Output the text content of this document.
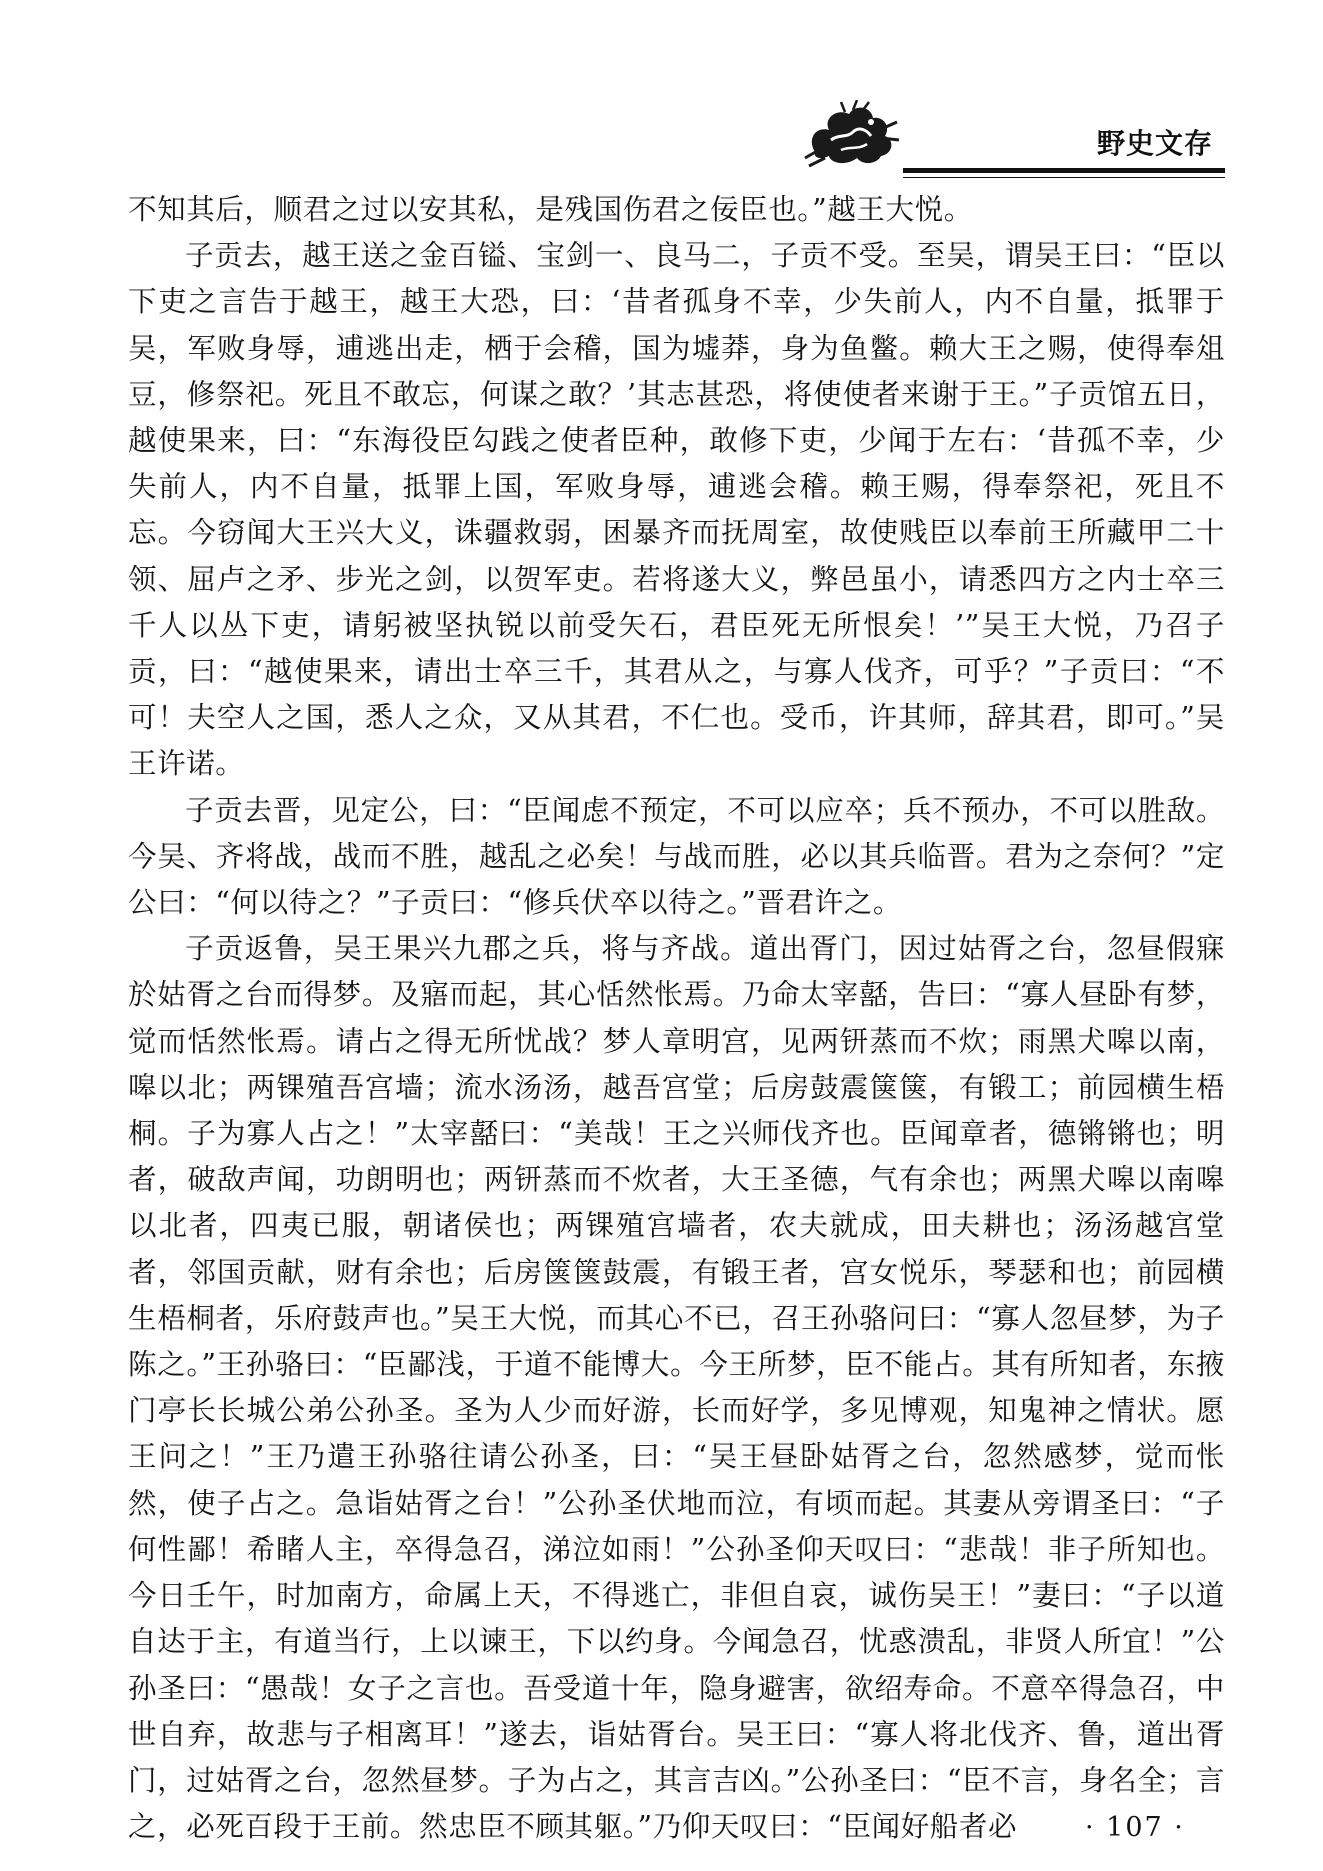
野史文存

不知其后，顺君之过以安其私，是残国伤君之佞臣也。”越王大悦。

子贡去，越王送之金百镒、宝剑一、良马二，子贡不受。至吴，谓吴王曰：“臣以下吏之言告于越王，越王大恐，曰：‘昔者孤身不幸，少失前人，内不自量，抵罪于吴，军败身辱，逋逃出走，栖于会稽，国为墟莽，身为鱼鳖。赖大王之赐，使得奉俎豆，修祭祀。死且不敢忘，何谋之敢？’其志甚恐，将使使者来谢于王。”子贡馆五日，越使果来，曰：“东海役臣勾践之使者臣种，敢修下吏，少闻于左右：‘昔孤不幸，少失前人，内不自量，抵罪上国，军败身辱，逋逃会稽。赖王赐，得奉祭祀，死且不忘。今窃闻大王兴大义，诛疆救弱，困暴齐而抚周室，故使贱臣以奉前王所藏甲二十领、屈卢之矛、步光之剑，以贺军吏。若将遂大义，弊邑虽小，请悉四方之内士卒三千人以丛下吏，请躬被坚执锐以前受矢石，君臣死无所恨矣！’”吴王大悦，乃召子贡，曰：“越使果来，请出士卒三千，其君从之，与寡人伐齐，可乎？”子贡曰：“不可！夫空人之国，悉人之众，又从其君，不仁也。受币，许其师，辞其君，即可。”吴王许诺。

子贡去晋，见定公，曰：“臣闻虑不预定，不可以应卒；兵不预办，不可以胜敌。今吴、齐将战，战而不胜，越乱之必矣！与战而胜，必以其兵临晋。君为之奈何？”定公曰：“何以待之？”子贡曰：“修兵伏卒以待之。”晋君许之。

子贡返鲁，吴王果兴九郡之兵，将与齐战。道出胥门，因过姑胥之台，忽昼假寐於姑胥之台而得梦。及寤而起，其心恬然怅焉。乃命太宰嚭，告曰：“寡人昼卧有梦，觉而恬然怅焉。请占之得无所忧战？梦人章明宫，见两钘蒸而不炊；雨黑犬嗥以南，嗥以北；两锞殖吾宫墙；流水汤汤，越吾宫堂；后房鼓震箧箧，有锻工；前园横生梧桐。子为寡人占之！”太宰嚭曰：“美哉！王之兴师伐齐也。臣闻章者，德锵锵也；明者，破敌声闻，功朗明也；两钘蒸而不炊者，大王圣德，气有余也；两黑犬嗥以南嗥以北者，四夷已服，朝诸侯也；两锞殖宫墙者，农夫就成，田夫耕也；汤汤越宫堂者，邻国贡献，财有余也；后房箧箧鼓震，有锻王者，宫女悦乐，琴瑟和也；前园横生梧桐者，乐府鼓声也。”吴王大悦，而其心不已，召王孙骆问曰：“寡人忽昼梦，为子陈之。”王孙骆曰：“臣鄙浅，于道不能博大。今王所梦，臣不能占。其有所知者，东掖门亭长长城公弟公孙圣。圣为人少而好游，长而好学，多见博观，知鬼神之情状。愿王问之！”王乃遣王孙骆往请公孙圣，曰：“吴王昼卧姑胥之台，忽然感梦，觉而怅然，使子占之。急诣姑胥之台！”公孙圣伏地而泣，有顷而起。其妻从旁谓圣曰：“子何性鄙！希睹人主，卒得急召，涕泣如雨！”公孙圣仰天叹曰：“悲哉！非子所知也。今日壬午，时加南方，命属上天，不得逃亡，非但自哀，诚伤吴王！”妻曰：“子以道自达于主，有道当行，上以谏王，下以约身。今闻急召，忧惑溃乱，非贤人所宜！”公孙圣曰：“愚哉！女子之言也。吾受道十年，隐身避害，欲绍寿命。不意卒得急召，中世自弃，故悲与子相离耳！”遂去，诣姑胥台。吴王曰：“寡人将北伐齐、鲁，道出胥门，过姑胥之台，忽然昼梦。子为占之，其言吉凶。”公孙圣曰：“臣不言，身名全；言之，必死百段于王前。然忠臣不顾其躯。”乃仰天叹曰：“臣闻好船者必	· 107 ·
